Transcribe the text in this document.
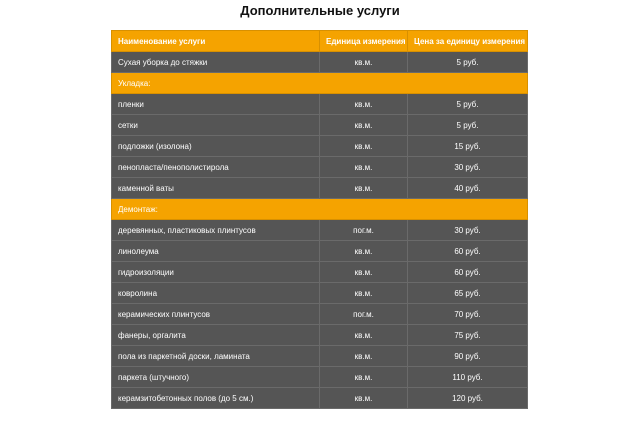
Дополнительные услуги
Наименование услуги	Единица измерения	Цена за единицу измерения
Сухая уборка до стяжки	кв.м.	5 руб.
Укладка:		
пленки	кв.м.	5 руб.
сетки	кв.м.	5 руб.
подложки (изолона)	кв.м.	15 руб.
пенопласта/пенополистирола	кв.м.	30 руб.
каменной ваты	кв.м.	40 руб.
Демонтаж:		
деревянных, пластиковых плинтусов	пог.м.	30 руб.
линолеума	кв.м.	60 руб.
гидроизоляции	кв.м.	60 руб.
ковролина	кв.м.	65 руб.
керамических плинтусов	пог.м.	70 руб.
фанеры, оргалита	кв.м.	75 руб.
пола из паркетной доски, ламината	кв.м.	90 руб.
паркета (штучного)	кв.м.	110 руб.
керамзитобетонных полов (до 5 см.)	кв.м.	120 руб.
